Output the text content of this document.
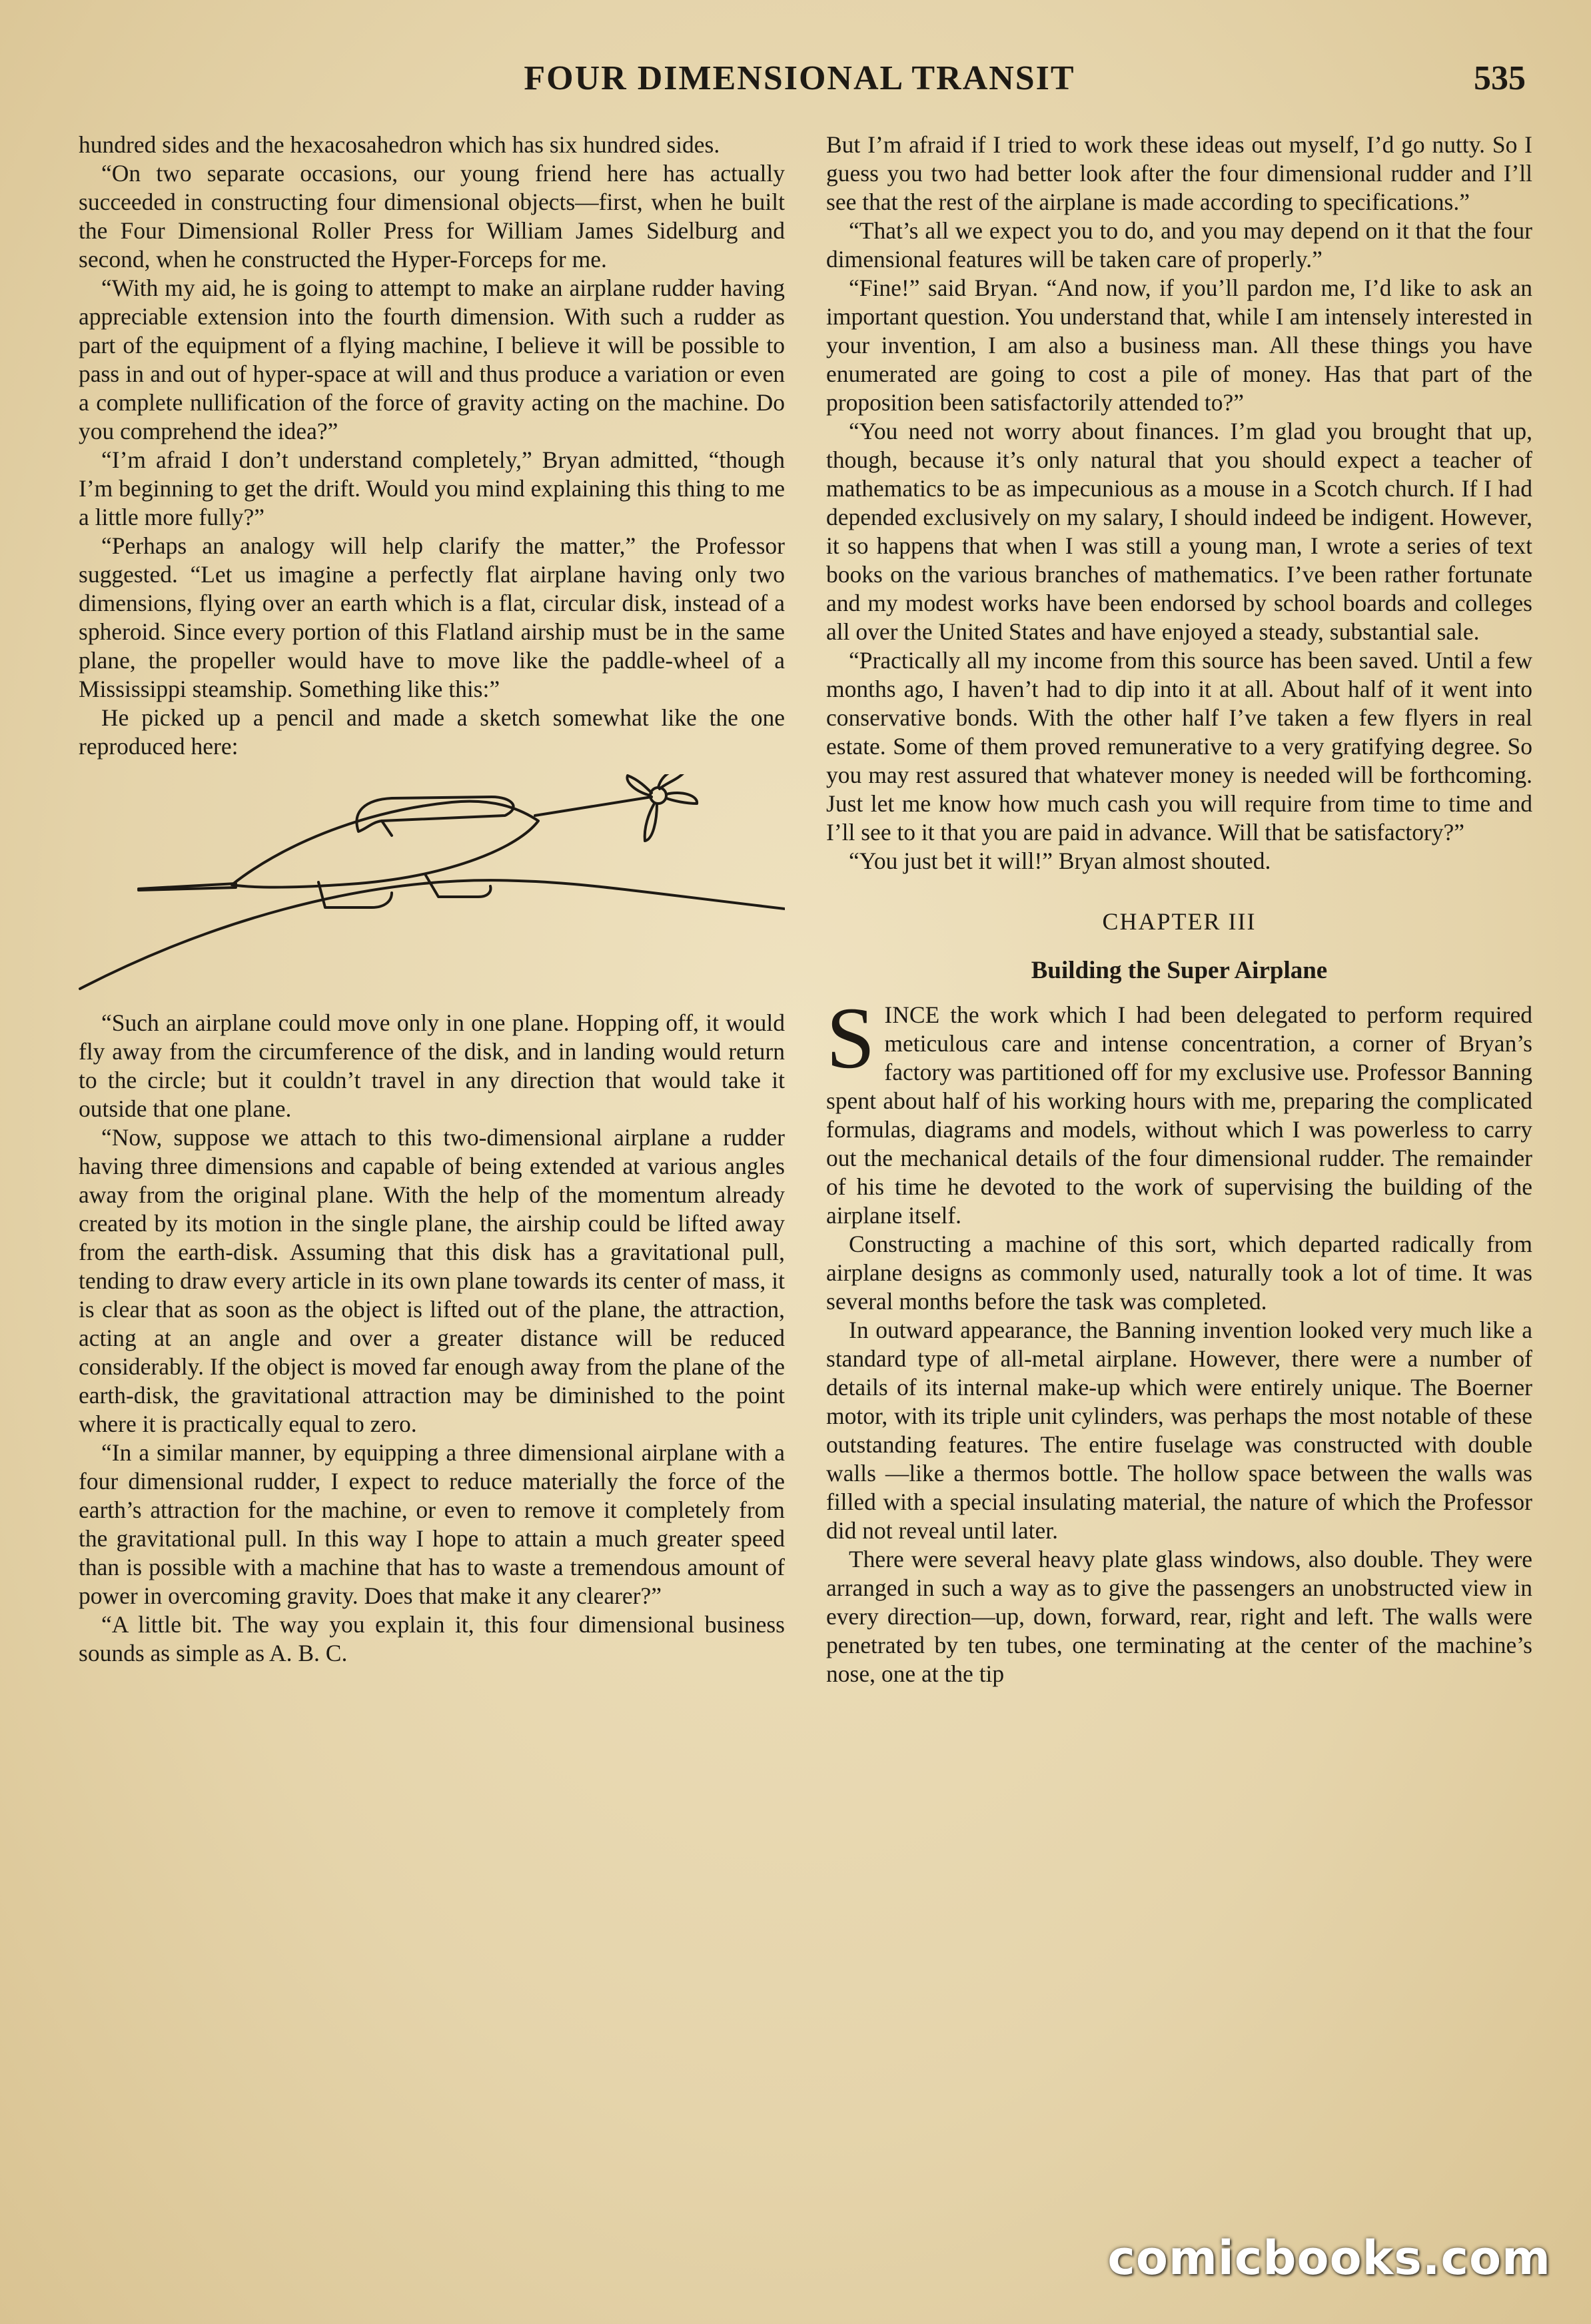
FOUR DIMENSIONAL TRANSIT	535

hundred sides and the hexacosahedron which has six hundred sides.

“On two separate occasions, our young friend here has actually succeeded in constructing four dimensional objects—first, when he built the Four Dimensional Roller Press for William James Sidelburg and second, when he constructed the Hyper-Forceps for me.

“With my aid, he is going to attempt to make an airplane rudder having appreciable extension into the fourth dimension. With such a rudder as part of the equipment of a flying machine, I believe it will be possible to pass in and out of hyper-space at will and thus produce a variation or even a complete nullification of the force of gravity acting on the machine. Do you comprehend the idea?”

“I’m afraid I don’t understand completely,” Bryan admitted, “though I’m beginning to get the drift. Would you mind explaining this thing to me a little more fully?”

“Perhaps an analogy will help clarify the matter,” the Professor suggested. “Let us imagine a perfectly flat airplane having only two dimensions, flying over an earth which is a flat, circular disk, instead of a spheroid. Since every portion of this Flatland airship must be in the same plane, the propeller would have to move like the paddle-wheel of a Mississippi steamship. Something like this:”

He picked up a pencil and made a sketch somewhat like the one reproduced here:

“Such an airplane could move only in one plane. Hopping off, it would fly away from the circumference of the disk, and in landing would return to the circle; but it couldn’t travel in any direction that would take it outside that one plane.

“Now, suppose we attach to this two-dimensional airplane a rudder having three dimensions and capable of being extended at various angles away from the original plane. With the help of the momentum already created by its motion in the single plane, the airship could be lifted away from the earth-disk. Assuming that this disk has a gravitational pull, tending to draw every article in its own plane towards its center of mass, it is clear that as soon as the object is lifted out of the plane, the attraction, acting at an angle and over a greater distance will be reduced considerably. If the object is moved far enough away from the plane of the earth-disk, the gravitational attraction may be diminished to the point where it is practically equal to zero.

“In a similar manner, by equipping a three dimensional airplane with a four dimensional rudder, I expect to reduce materially the force of the earth’s attraction for the machine, or even to remove it completely from the gravitational pull. In this way I hope to attain a much greater speed than is possible with a machine that has to waste a tremendous amount of power in overcoming gravity. Does that make it any clearer?”

“A little bit. The way you explain it, this four dimensional business sounds as simple as A. B. C.

But I’m afraid if I tried to work these ideas out myself, I’d go nutty. So I guess you two had better look after the four dimensional rudder and I’ll see that the rest of the airplane is made according to specifications.”

“That’s all we expect you to do, and you may depend on it that the four dimensional features will be taken care of properly.”

“Fine!” said Bryan. “And now, if you’ll pardon me, I’d like to ask an important question. You understand that, while I am intensely interested in your invention, I am also a business man. All these things you have enumerated are going to cost a pile of money. Has that part of the proposition been satisfactorily attended to?”

“You need not worry about finances. I’m glad you brought that up, though, because it’s only natural that you should expect a teacher of mathematics to be as impecunious as a mouse in a Scotch church. If I had depended exclusively on my salary, I should indeed be indigent. However, it so happens that when I was still a young man, I wrote a series of text books on the various branches of mathematics. I’ve been rather fortunate and my modest works have been endorsed by school boards and colleges all over the United States and have enjoyed a steady, substantial sale.

“Practically all my income from this source has been saved. Until a few months ago, I haven’t had to dip into it at all. About half of it went into conservative bonds. With the other half I’ve taken a few flyers in real estate. Some of them proved remunerative to a very gratifying degree. So you may rest assured that whatever money is needed will be forthcoming. Just let me know how much cash you will require from time to time and I’ll see to it that you are paid in advance. Will that be satisfactory?”

“You just bet it will!” Bryan almost shouted.

CHAPTER III
Building the Super Airplane

SINCE the work which I had been delegated to perform required meticulous care and intense concentration, a corner of Bryan’s factory was partitioned off for my exclusive use. Professor Banning spent about half of his working hours with me, preparing the complicated formulas, diagrams and models, without which I was powerless to carry out the mechanical details of the four dimensional rudder. The remainder of his time he devoted to the work of supervising the building of the airplane itself.

Constructing a machine of this sort, which departed radically from airplane designs as commonly used, naturally took a lot of time. It was several months before the task was completed.

In outward appearance, the Banning invention looked very much like a standard type of all-metal airplane. However, there were a number of details of its internal make-up which were entirely unique. The Boerner motor, with its triple unit cylinders, was perhaps the most notable of these outstanding features. The entire fuselage was constructed with double walls —like a thermos bottle. The hollow space between the walls was filled with a special insulating material, the nature of which the Professor did not reveal until later.

There were several heavy plate glass windows, also double. They were arranged in such a way as to give the passengers an unobstructed view in every direction—up, down, forward, rear, right and left. The walls were penetrated by ten tubes, one terminating at the center of the machine’s nose, one at the tip

comicbooks.com
